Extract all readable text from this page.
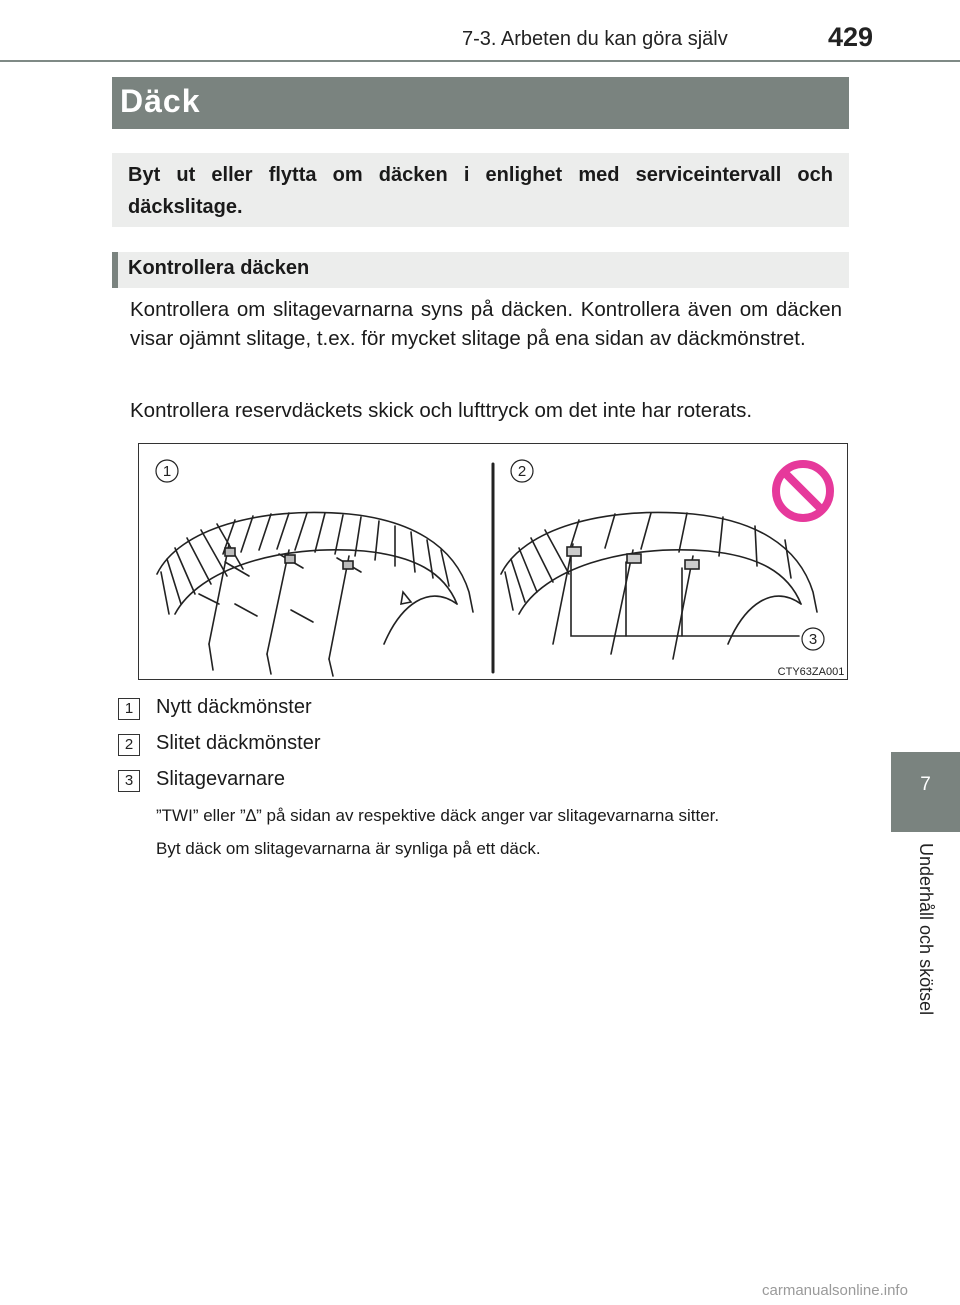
7-3. Arbeten du kan göra själv	429
7
Underhåll och skötsel
Däck
Byt ut eller flytta om däcken i enlighet med serviceintervall och däckslitage.
Kontrollera däcken
Kontrollera om slitagevarnarna syns på däcken. Kontrollera även om däcken visar ojämnt slitage, t.ex. för mycket slitage på ena sidan av däckmönstret.
Kontrollera reservdäckets skick och lufttryck om det inte har roterats.
1	2
3
CTY63ZA001
1	Nytt däckmönster
2	Slitet däckmönster
3	Slitagevarnare
”TWI” eller ”∆” på sidan av respektive däck anger var slitagevarnarna sitter.
Byt däck om slitagevarnarna är synliga på ett däck.
carmanualsonline.info
